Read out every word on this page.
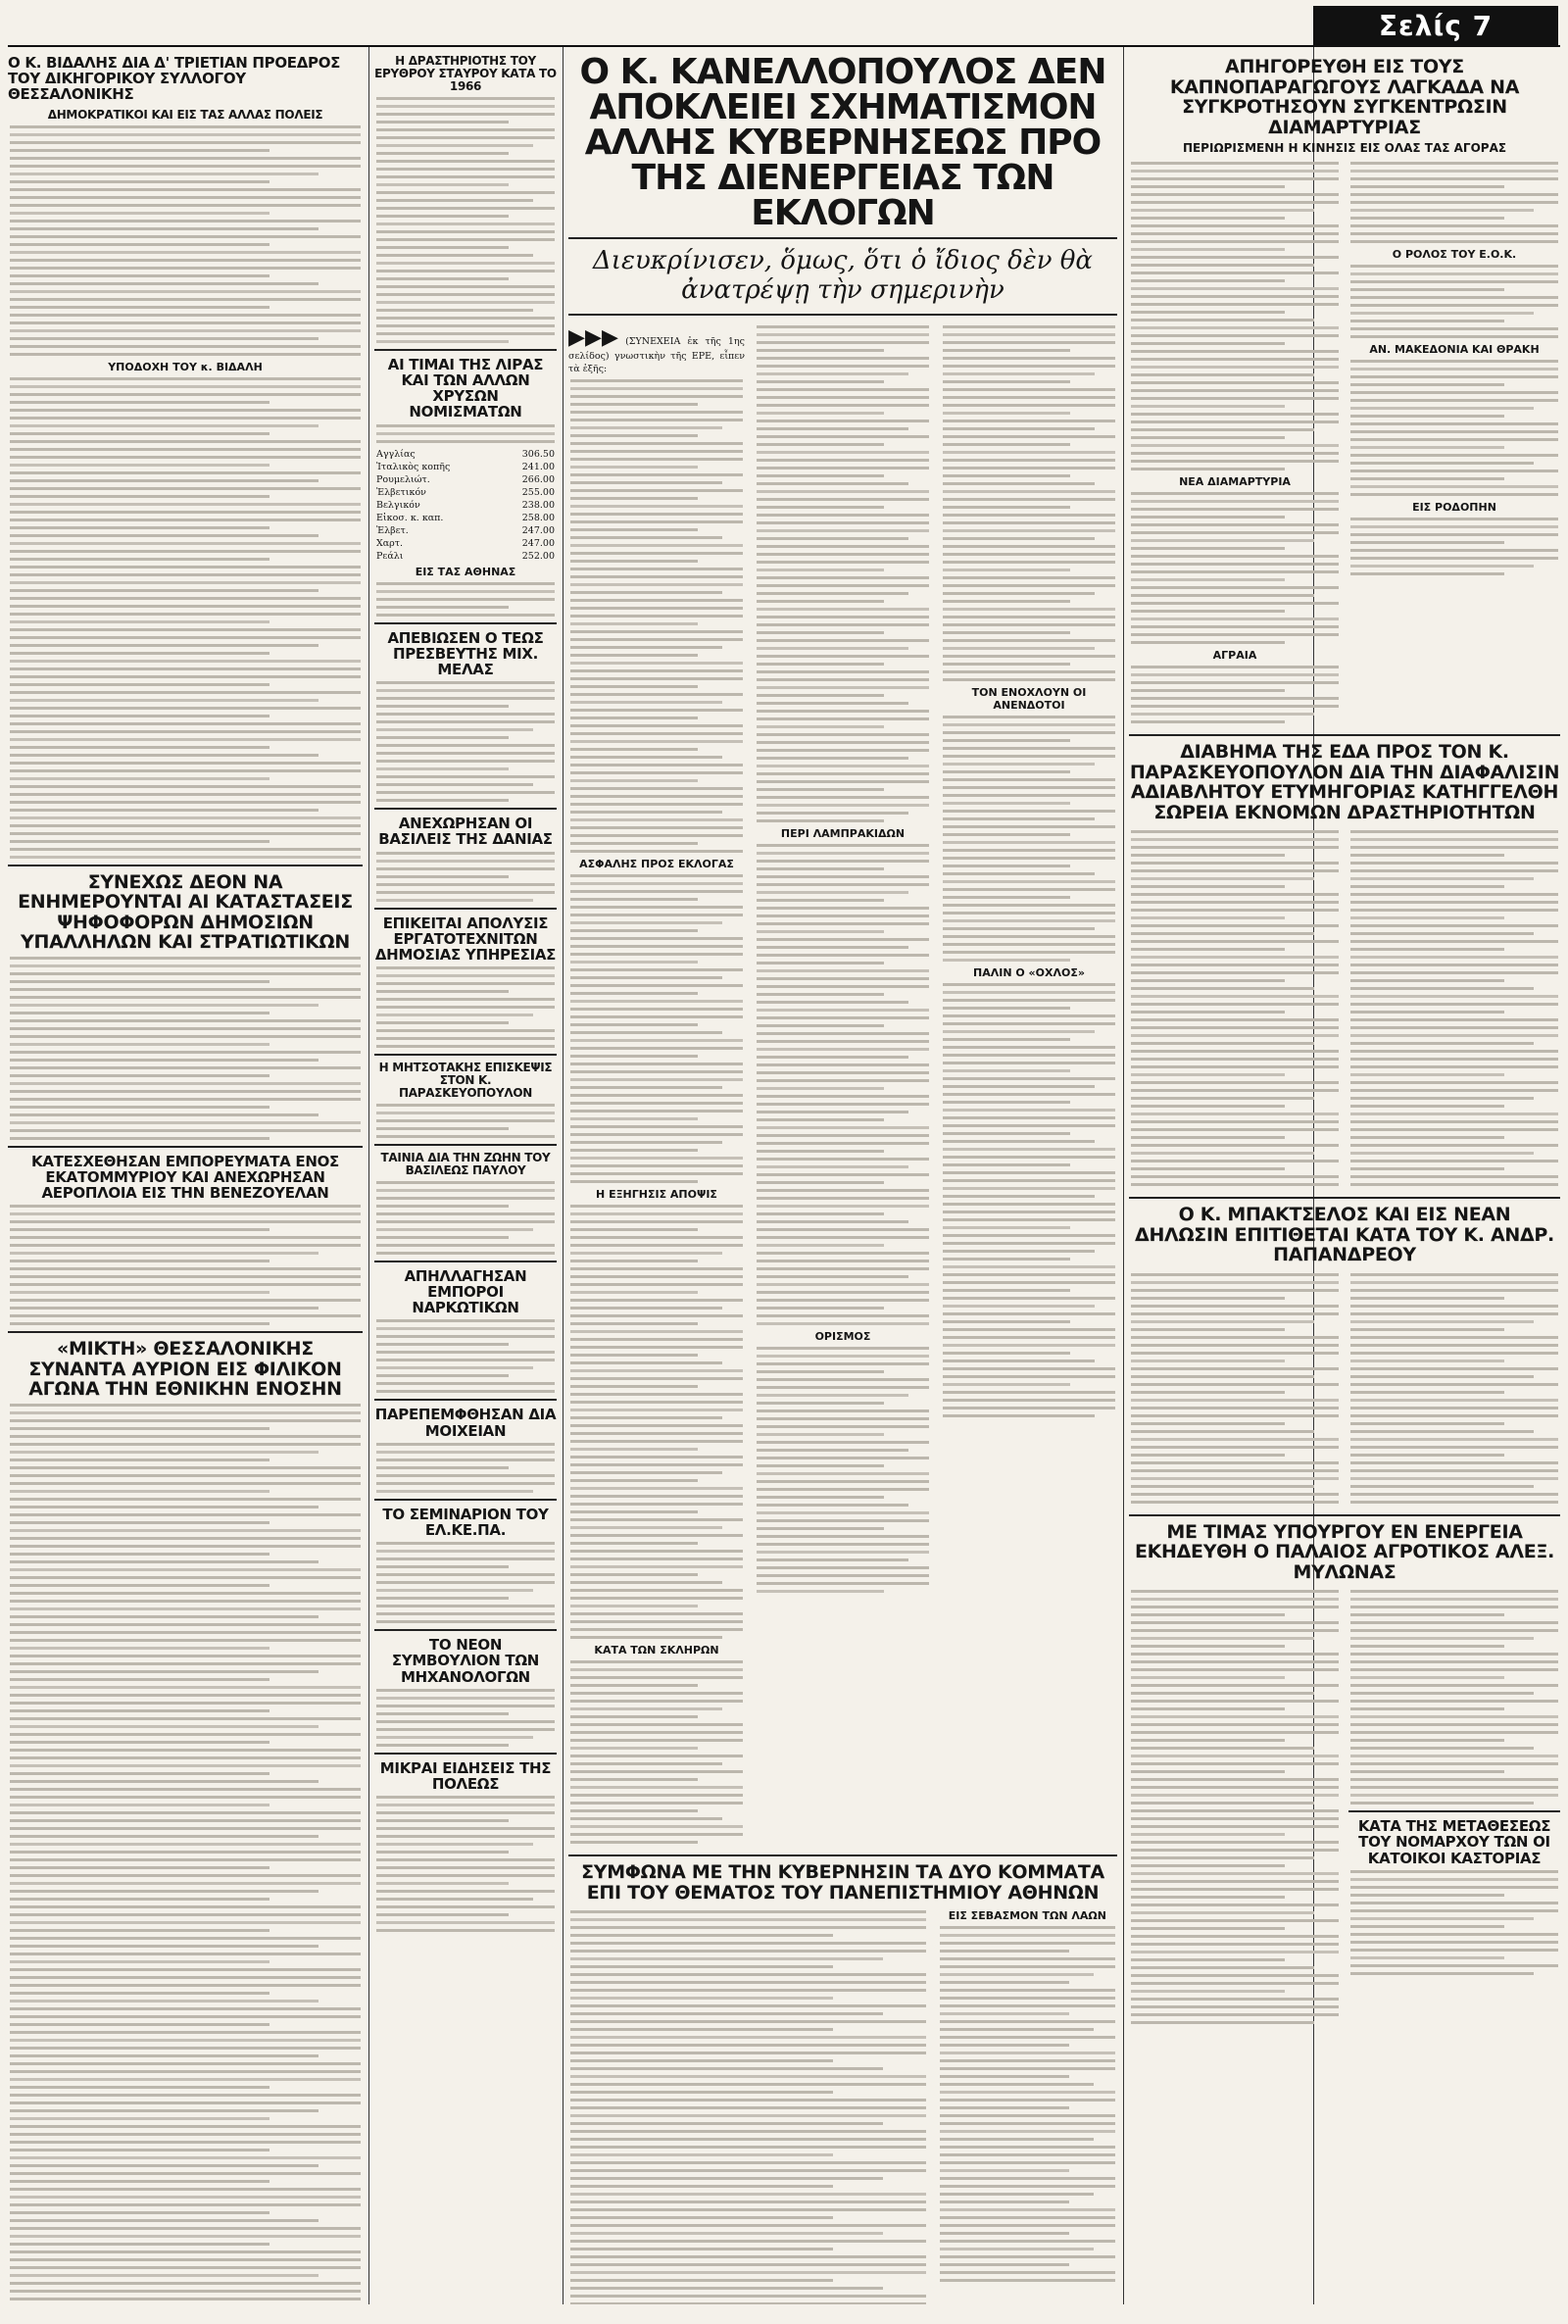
Σελίς 7
Ο Κ. ΒΙΔΑΛΗΣ ΔΙΑ Δ' ΤΡΙΕΤΙΑΝ ΠΡΟΕΔΡΟΣ ΤΟΥ ΔΙΚΗΓΟΡΙΚΟΥ ΣΥΛΛΟΓΟΥ ΘΕΣΣΑΛΟΝΙΚΗΣ
ΔΗΜΟΚΡΑΤΙΚΟΙ ΚΑΙ ΕΙΣ ΤΑΣ ΑΛΛΑΣ ΠΟΛΕΙΣ
ΥΠΟΔΟΧΗ ΤΟΥ κ. ΒΙΔΑΛΗ
ΣΥΝΕΧΩΣ ΔΕΟΝ ΝΑ ΕΝΗΜΕΡΟΥΝΤΑΙ ΑΙ ΚΑΤΑΣΤΑΣΕΙΣ ΨΗΦΟΦΟΡΩΝ ΔΗΜΟΣΙΩΝ ΥΠΑΛΛΗΛΩΝ ΚΑΙ ΣΤΡΑΤΙΩΤΙΚΩΝ
ΚΑΤΕΣΧΕΘΗΣΑΝ ΕΜΠΟΡΕΥΜΑΤΑ ΕΝΟΣ ΕΚΑΤΟΜΜΥΡΙΟΥ ΚΑΙ ΑΝΕΧΩΡΗΣΑΝ ΑΕΡΟΠΛΟΙΑ ΕΙΣ ΤΗΝ ΒΕΝΕΖΟΥΕΛΑΝ
«ΜΙΚΤΗ» ΘΕΣΣΑΛΟΝΙΚΗΣ ΣΥΝΑΝΤΑ ΑΥΡΙΟΝ ΕΙΣ ΦΙΛΙΚΟΝ ΑΓΩΝΑ ΤΗΝ ΕΘΝΙΚΗΝ ΕΝΟΣΗΝ
Η ΔΡΑΣΤΗΡΙΟΤΗΣ ΤΟΥ ΕΡΥΘΡΟΥ ΣΤΑΥΡΟΥ ΚΑΤΑ ΤΟ 1966
ΑΙ ΤΙΜΑΙ ΤΗΣ ΛΙΡΑΣ ΚΑΙ ΤΩΝ ΑΛΛΩΝ ΧΡΥΣΩΝ ΝΟΜΙΣΜΑΤΩΝ
Αγγλίας	306.50
Ἰταλικὸς κοπῆς	241.00
Ρουμελιώτ.	266.00
Ἐλβετικόν	255.00
Βελγικόν	238.00
Εἰκοσ. κ. καπ.	258.00
Ἐλβετ.	247.00
Χαρτ.	247.00
Ρεάλι	252.00
ΕΙΣ ΤΑΣ ΑΘΗΝΑΣ
ΑΠΕΒΙΩΣΕΝ Ο ΤΕΩΣ ΠΡΕΣΒΕΥΤΗΣ ΜΙΧ. ΜΕΛΑΣ
ΑΝΕΧΩΡΗΣΑΝ ΟΙ ΒΑΣΙΛΕΙΣ ΤΗΣ ΔΑΝΙΑΣ
ΕΠΙΚΕΙΤΑΙ ΑΠΟΛΥΣΙΣ ΕΡΓΑΤΟΤΕΧΝΙΤΩΝ ΔΗΜΟΣΙΑΣ ΥΠΗΡΕΣΙΑΣ
Η ΜΗΤΣΟΤΑΚΗΣ ΕΠΙΣΚΕΨΙΣ ΣΤΟΝ Κ. ΠΑΡΑΣΚΕΥΟΠΟΥΛΟΝ
ΤΑΙΝΙΑ ΔΙΑ ΤΗΝ ΖΩΗΝ ΤΟΥ ΒΑΣΙΛΕΩΣ ΠΑΥΛΟΥ
ΑΠΗΛΛΑΓΗΣΑΝ ΕΜΠΟΡΟΙ ΝΑΡΚΩΤΙΚΩΝ
ΠΑΡΕΠΕΜΦΘΗΣΑΝ ΔΙΑ ΜΟΙΧΕΙΑΝ
ΤΟ ΣΕΜΙΝΑΡΙΟΝ ΤΟΥ ΕΛ.ΚΕ.ΠΑ.
ΤΟ ΝΕΟΝ ΣΥΜΒΟΥΛΙΟΝ ΤΩΝ ΜΗΧΑΝΟΛΟΓΩΝ
ΜΙΚΡΑΙ ΕΙΔΗΣΕΙΣ ΤΗΣ ΠΟΛΕΩΣ
Ο Κ. ΚΑΝΕΛΛΟΠΟΥΛΟΣ ΔΕΝ ΑΠΟΚΛΕΙΕΙ ΣΧΗΜΑΤΙΣΜΟΝ ΑΛΛΗΣ ΚΥΒΕΡΝΗΣΕΩΣ ΠΡΟ ΤΗΣ ΔΙΕΝΕΡΓΕΙΑΣ ΤΩΝ ΕΚΛΟΓΩΝ
Διευκρίνισεν, ὅμως, ὅτι ὁ ἴδιος δὲν θὰ ἀνατρέψῃ τὴν σημερινὴν
▶▶▶ (ΣΥΝΕΧΕΙΑ ἐκ τῆς 1ης σελίδος) γνωστικὴν τῆς ΕΡΕ, εἶπεν τὰ ἑξῆς:
ΑΣΦΑΛΗΣ ΠΡΟΣ ΕΚΛΟΓΑΣ
Η ΕΞΗΓΗΣΙΣ ΑΠΟΨΙΣ
ΚΑΤΑ ΤΩΝ ΣΚΛΗΡΩΝ
ΠΕΡΙ ΛΑΜΠΡΑΚΙΔΩΝ
ΟΡΙΣΜΟΣ
ΤΟΝ ΕΝΟΧΛΟΥΝ ΟΙ ΑΝΕΝΔΟΤΟΙ
ΠΑΛΙΝ Ο «ΟΧΛΟΣ»
ΣΥΜΦΩΝΑ ΜΕ ΤΗΝ ΚΥΒΕΡΝΗΣΙΝ ΤΑ ΔΥΟ ΚΟΜΜΑΤΑ ΕΠΙ ΤΟΥ ΘΕΜΑΤΟΣ ΤΟΥ ΠΑΝΕΠΙΣΤΗΜΙΟΥ ΑΘΗΝΩΝ
ΕΙΣ ΣΕΒΑΣΜΟΝ ΤΩΝ ΛΑΩΝ
ΑΠΗΓΟΡΕΥΘΗ ΕΙΣ ΤΟΥΣ ΚΑΠΝΟΠΑΡΑΓΩΓΟΥΣ ΛΑΓΚΑΔΑ ΝΑ ΣΥΓΚΡΟΤΗΣΟΥΝ ΣΥΓΚΕΝΤΡΩΣΙΝ ΔΙΑΜΑΡΤΥΡΙΑΣ
ΠΕΡΙΩΡΙΣΜΕΝΗ Η ΚΙΝΗΣΙΣ ΕΙΣ ΟΛΑΣ ΤΑΣ ΑΓΟΡΑΣ
ΝΕΑ ΔΙΑΜΑΡΤΥΡΙΑ
ΑΓΡΑΙΑ
Ο ΡΟΛΟΣ ΤΟΥ Ε.Ο.Κ.
ΑΝ. ΜΑΚΕΔΟΝΙΑ ΚΑΙ ΘΡΑΚΗ
ΕΙΣ ΡΟΔΟΠΗΝ
ΔΙΑΒΗΜΑ ΤΗΣ ΕΔΑ ΠΡΟΣ ΤΟΝ Κ. ΠΑΡΑΣΚΕΥΟΠΟΥΛΟΝ ΔΙΑ ΤΗΝ ΔΙΑΦΑΛΙΣΙΝ ΑΔΙΑΒΛΗΤΟΥ ΕΤΥΜΗΓΟΡΙΑΣ ΚΑΤΗΓΓΕΛΘΗ ΣΩΡΕΙΑ ΕΚΝΟΜΩΝ ΔΡΑΣΤΗΡΙΟΤΗΤΩΝ
Ο Κ. ΜΠΑΚΤΣΕΛΟΣ ΚΑΙ ΕΙΣ ΝΕΑΝ ΔΗΛΩΣΙΝ ΕΠΙΤΙΘΕΤΑΙ ΚΑΤΑ ΤΟΥ Κ. ΑΝΔΡ. ΠΑΠΑΝΔΡΕΟΥ
ΜΕ ΤΙΜΑΣ ΥΠΟΥΡΓΟΥ ΕΝ ΕΝΕΡΓΕΙΑ ΕΚΗΔΕΥΘΗ Ο ΠΑΛΑΙΟΣ ΑΓΡΟΤΙΚΟΣ ΑΛΕΞ. ΜΥΛΩΝΑΣ
ΚΑΤΑ ΤΗΣ ΜΕΤΑΘΕΣΕΩΣ ΤΟΥ ΝΟΜΑΡΧΟΥ ΤΩΝ ΟΙ ΚΑΤΟΙΚΟΙ ΚΑΣΤΟΡΙΑΣ
